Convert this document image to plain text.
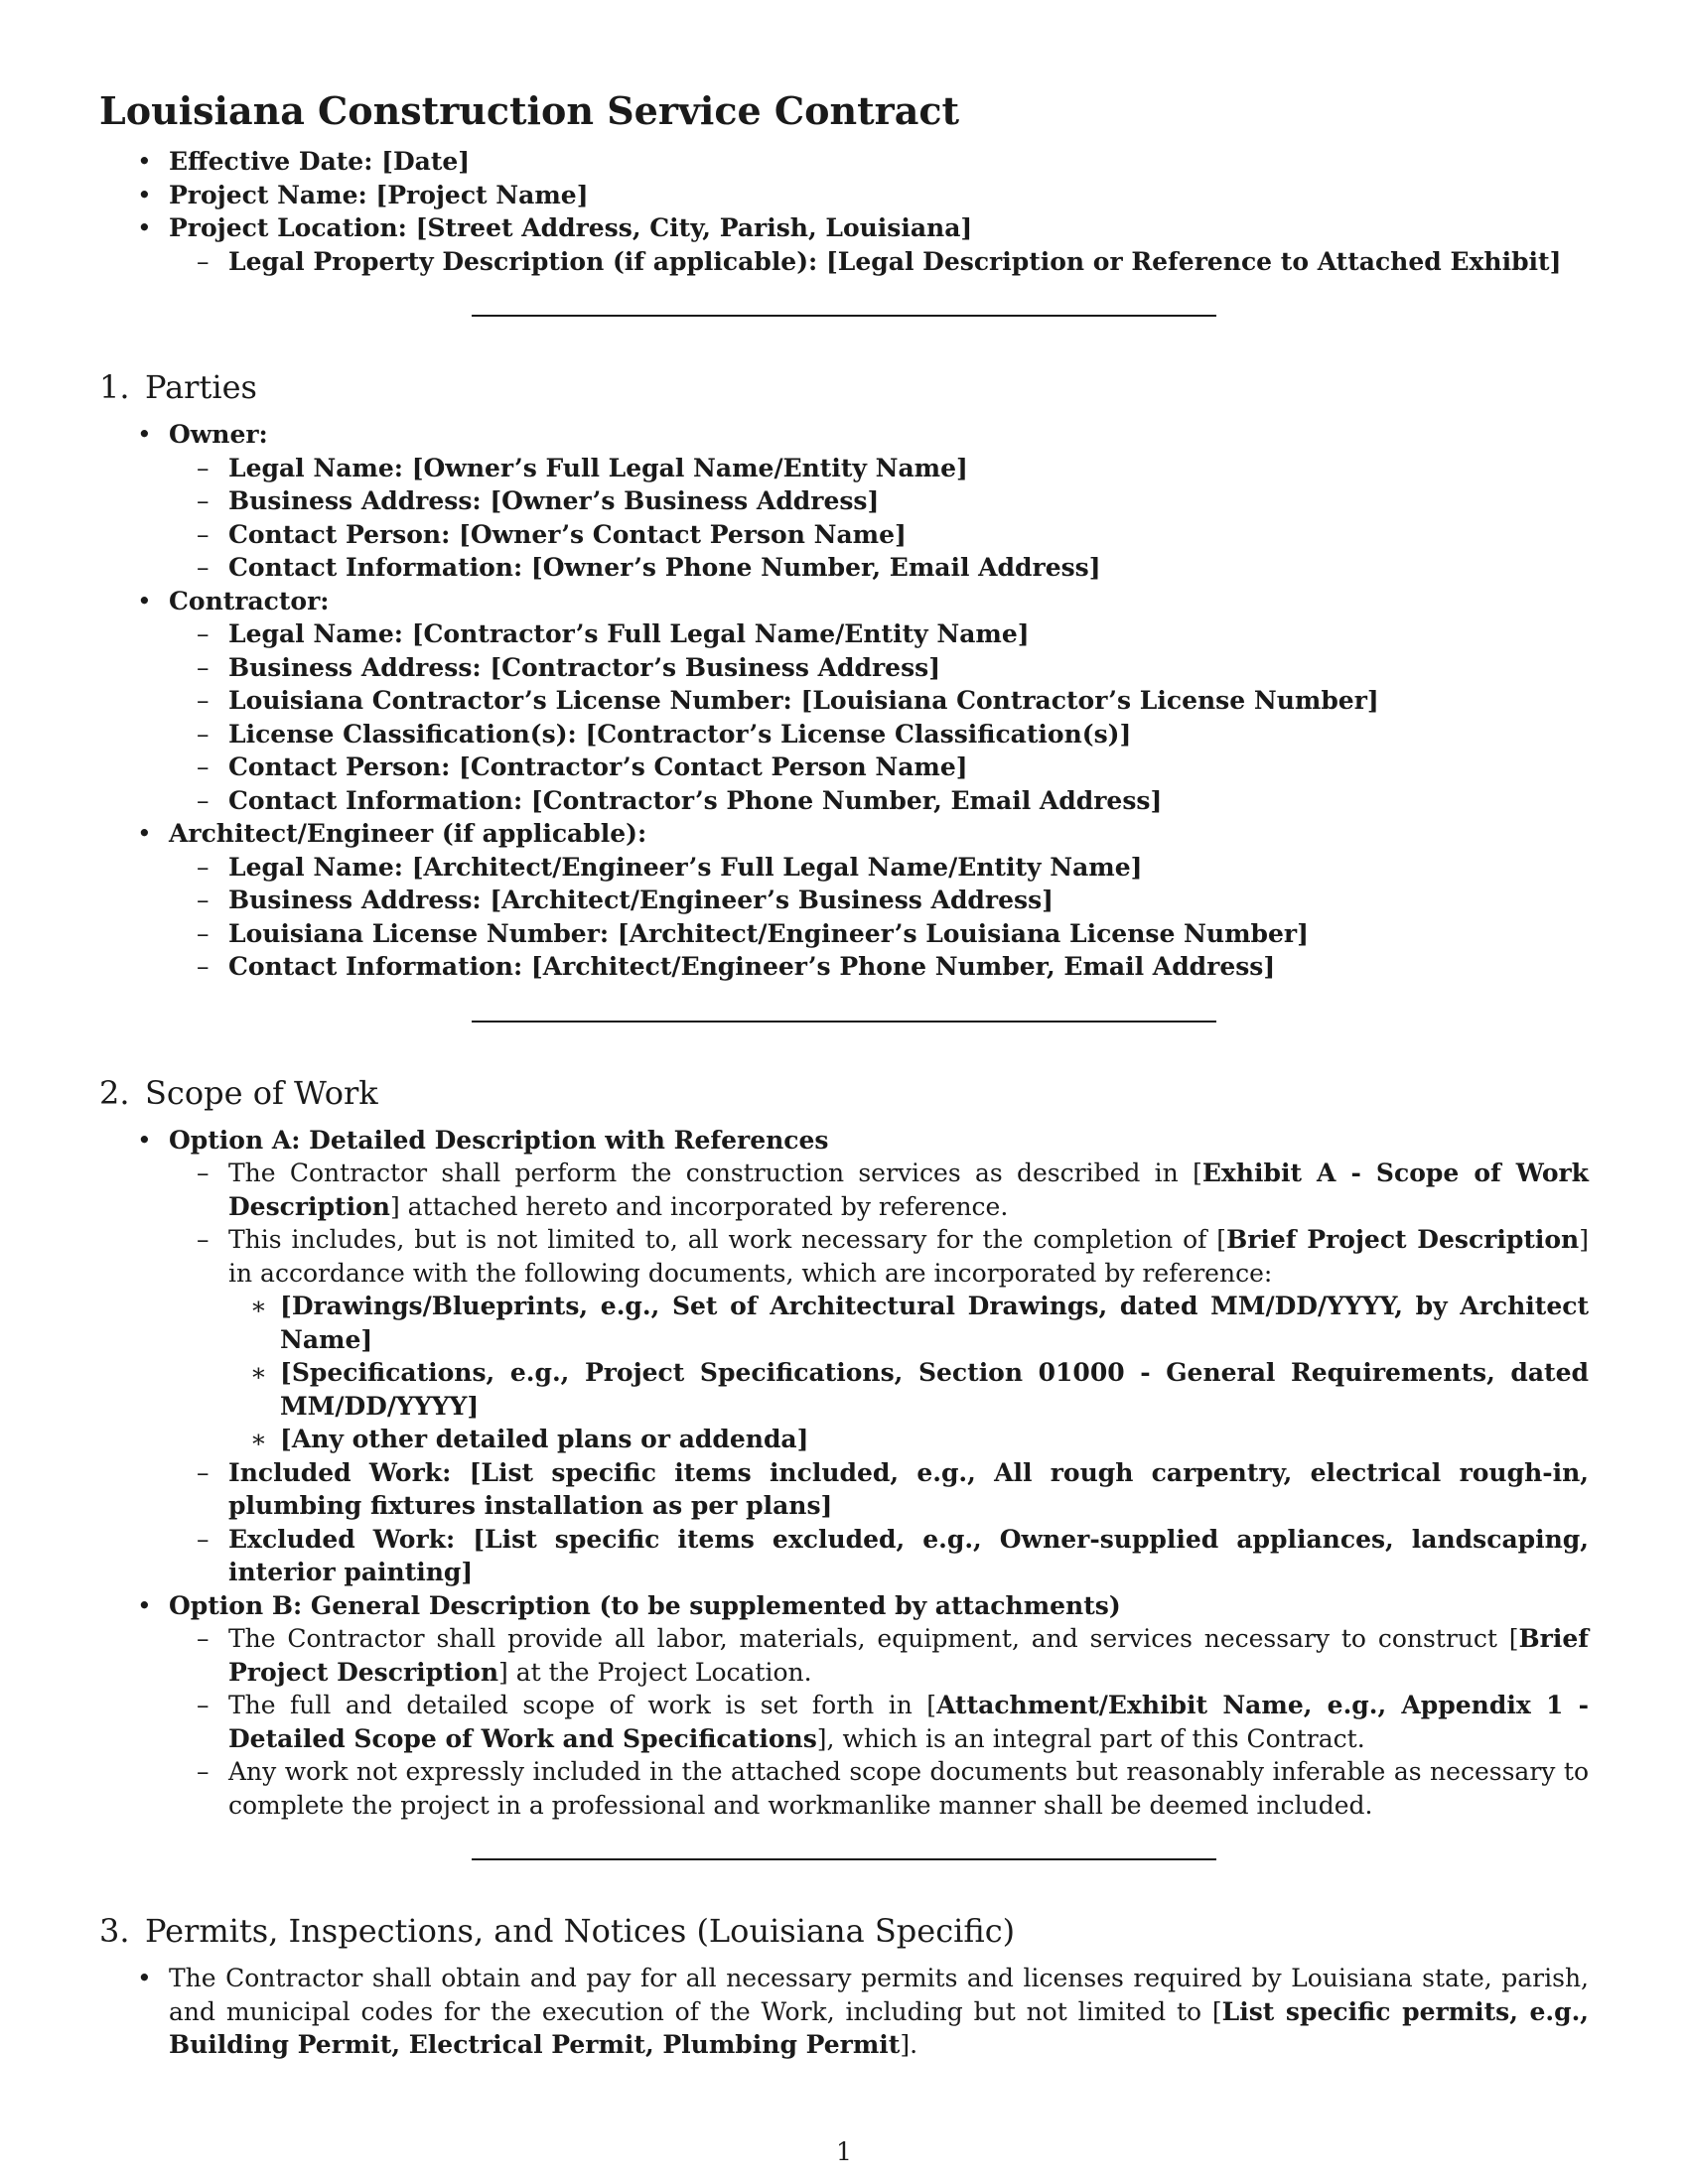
Louisiana Construction Service Contract
• Effective Date: [Date]
• Project Name: [Project Name]
• Project Location: [Street Address, City, Parish, Louisiana]
– Legal Property Description (if applicable): [Legal Description or Reference to Attached Exhibit]
1. Parties
• Owner:
– Legal Name: [Owner’s Full Legal Name/Entity Name]
– Business Address: [Owner’s Business Address]
– Contact Person: [Owner’s Contact Person Name]
– Contact Information: [Owner’s Phone Number, Email Address]
• Contractor:
– Legal Name: [Contractor’s Full Legal Name/Entity Name]
– Business Address: [Contractor’s Business Address]
– Louisiana Contractor’s License Number: [Louisiana Contractor’s License Number]
– License Classification(s): [Contractor’s License Classification(s)]
– Contact Person: [Contractor’s Contact Person Name]
– Contact Information: [Contractor’s Phone Number, Email Address]
• Architect/Engineer (if applicable):
– Legal Name: [Architect/Engineer’s Full Legal Name/Entity Name]
– Business Address: [Architect/Engineer’s Business Address]
– Louisiana License Number: [Architect/Engineer’s Louisiana License Number]
– Contact Information: [Architect/Engineer’s Phone Number, Email Address]
2. Scope of Work
• Option A: Detailed Description with References
– The Contractor shall perform the construction services as described in [Exhibit A - Scope of Work Description] attached hereto and incorporated by reference.
– This includes, but is not limited to, all work necessary for the completion of [Brief Project Description] in accordance with the following documents, which are incorporated by reference:
∗ [Drawings/Blueprints, e.g., Set of Architectural Drawings, dated MM/DD/YYYY, by Architect Name]
∗ [Specifications, e.g., Project Specifications, Section 01000 - General Requirements, dated MM/DD/YYYY]
∗ [Any other detailed plans or addenda]
– Included Work: [List specific items included, e.g., All rough carpentry, electrical rough-in, plumbing fixtures installation as per plans]
– Excluded Work: [List specific items excluded, e.g., Owner-supplied appliances, landscaping, interior painting]
• Option B: General Description (to be supplemented by attachments)
– The Contractor shall provide all labor, materials, equipment, and services necessary to construct [Brief Project Description] at the Project Location.
– The full and detailed scope of work is set forth in [Attachment/Exhibit Name, e.g., Appendix 1 - Detailed Scope of Work and Specifications], which is an integral part of this Contract.
– Any work not expressly included in the attached scope documents but reasonably inferable as necessary to complete the project in a professional and workmanlike manner shall be deemed included.
3. Permits, Inspections, and Notices (Louisiana Specific)
• The Contractor shall obtain and pay for all necessary permits and licenses required by Louisiana state, parish, and municipal codes for the execution of the Work, including but not limited to [List specific permits, e.g., Building Permit, Electrical Permit, Plumbing Permit].
1
